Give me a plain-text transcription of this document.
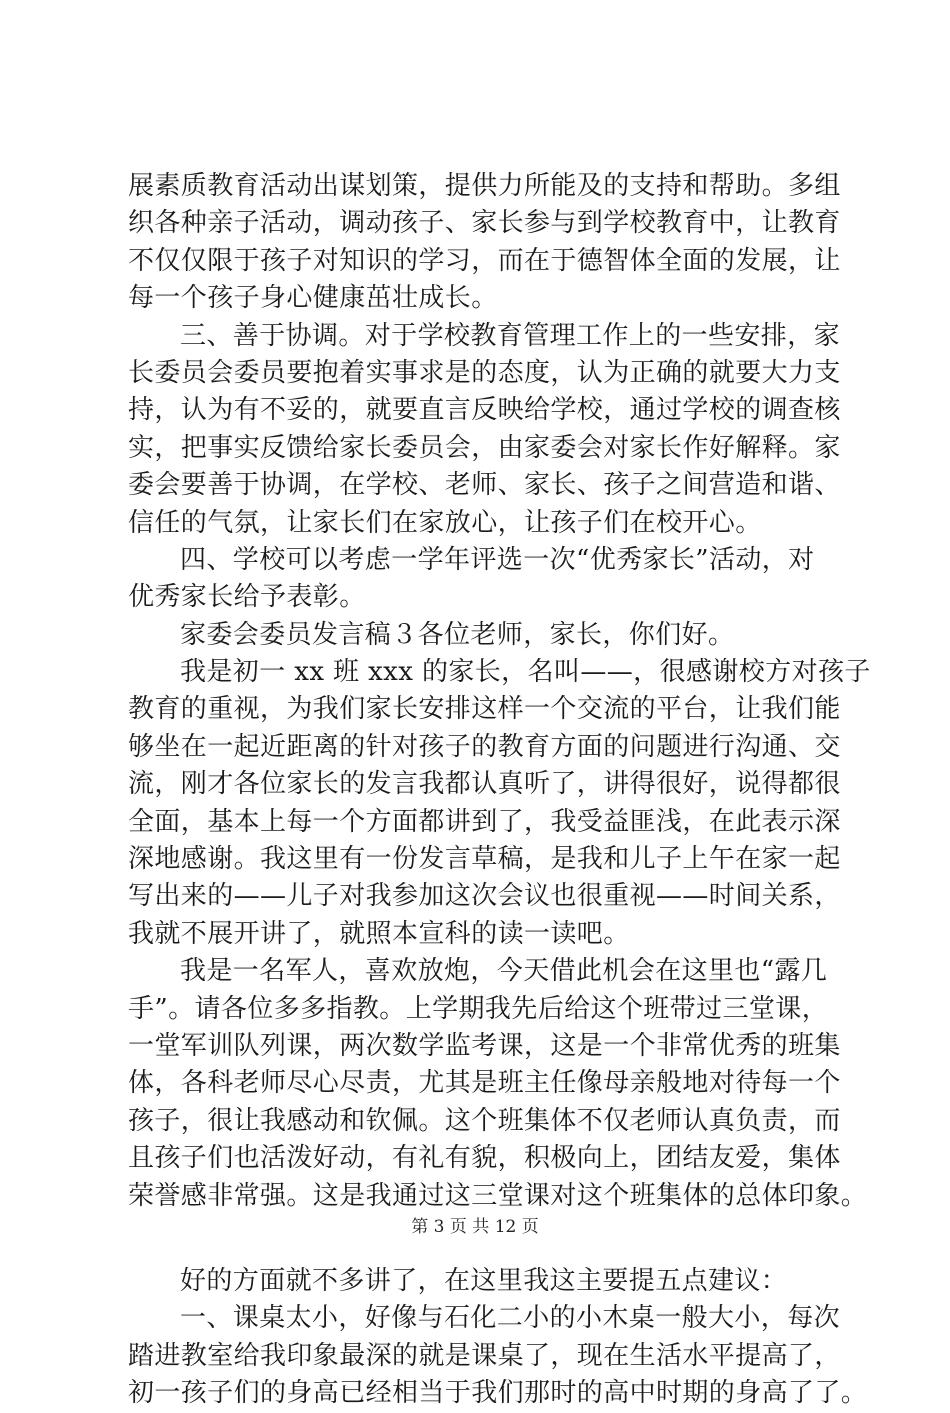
展素质教育活动出谋划策，提供力所能及的支持和帮助。多组
织各种亲子活动，调动孩子、家长参与到学校教育中，让教育
不仅仅限于孩子对知识的学习，而在于德智体全面的发展，让
每一个孩子身心健康茁壮成长。
三、善于协调。对于学校教育管理工作上的一些安排，家
长委员会委员要抱着实事求是的态度，认为正确的就要大力支
持，认为有不妥的，就要直言反映给学校，通过学校的调查核
实，把事实反馈给家长委员会，由家委会对家长作好解释。家
委会要善于协调，在学校、老师、家长、孩子之间营造和谐、
信任的气氛，让家长们在家放心，让孩子们在校开心。
四、学校可以考虑一学年评选一次“优秀家长”活动，对
优秀家长给予表彰。
家委会委员发言稿３各位老师，家长，你们好。
我是初一 xx 班 xxx 的家长，名叫——，很感谢校方对孩子
教育的重视，为我们家长安排这样一个交流的平台，让我们能
够坐在一起近距离的针对孩子的教育方面的问题进行沟通、交
流，刚才各位家长的发言我都认真听了，讲得很好，说得都很
全面，基本上每一个方面都讲到了，我受益匪浅，在此表示深
深地感谢。我这里有一份发言草稿，是我和儿子上午在家一起
写出来的——儿子对我参加这次会议也很重视——时间关系，
我就不展开讲了，就照本宣科的读一读吧。
我是一名军人，喜欢放炮，今天借此机会在这里也“露几
手”。请各位多多指教。上学期我先后给这个班带过三堂课，
一堂军训队列课，两次数学监考课，这是一个非常优秀的班集
体，各科老师尽心尽责，尤其是班主任像母亲般地对待每一个
孩子，很让我感动和钦佩。这个班集体不仅老师认真负责，而
且孩子们也活泼好动，有礼有貌，积极向上，团结友爱，集体
荣誉感非常强。这是我通过这三堂课对这个班集体的总体印象。
好的方面就不多讲了，在这里我这主要提五点建议：
一、课桌太小，好像与石化二小的小木桌一般大小，每次
踏进教室给我印象最深的就是课桌了，现在生活水平提高了，
初一孩子们的身高已经相当于我们那时的高中时期的身高了了。
第 3 页 共 12 页
